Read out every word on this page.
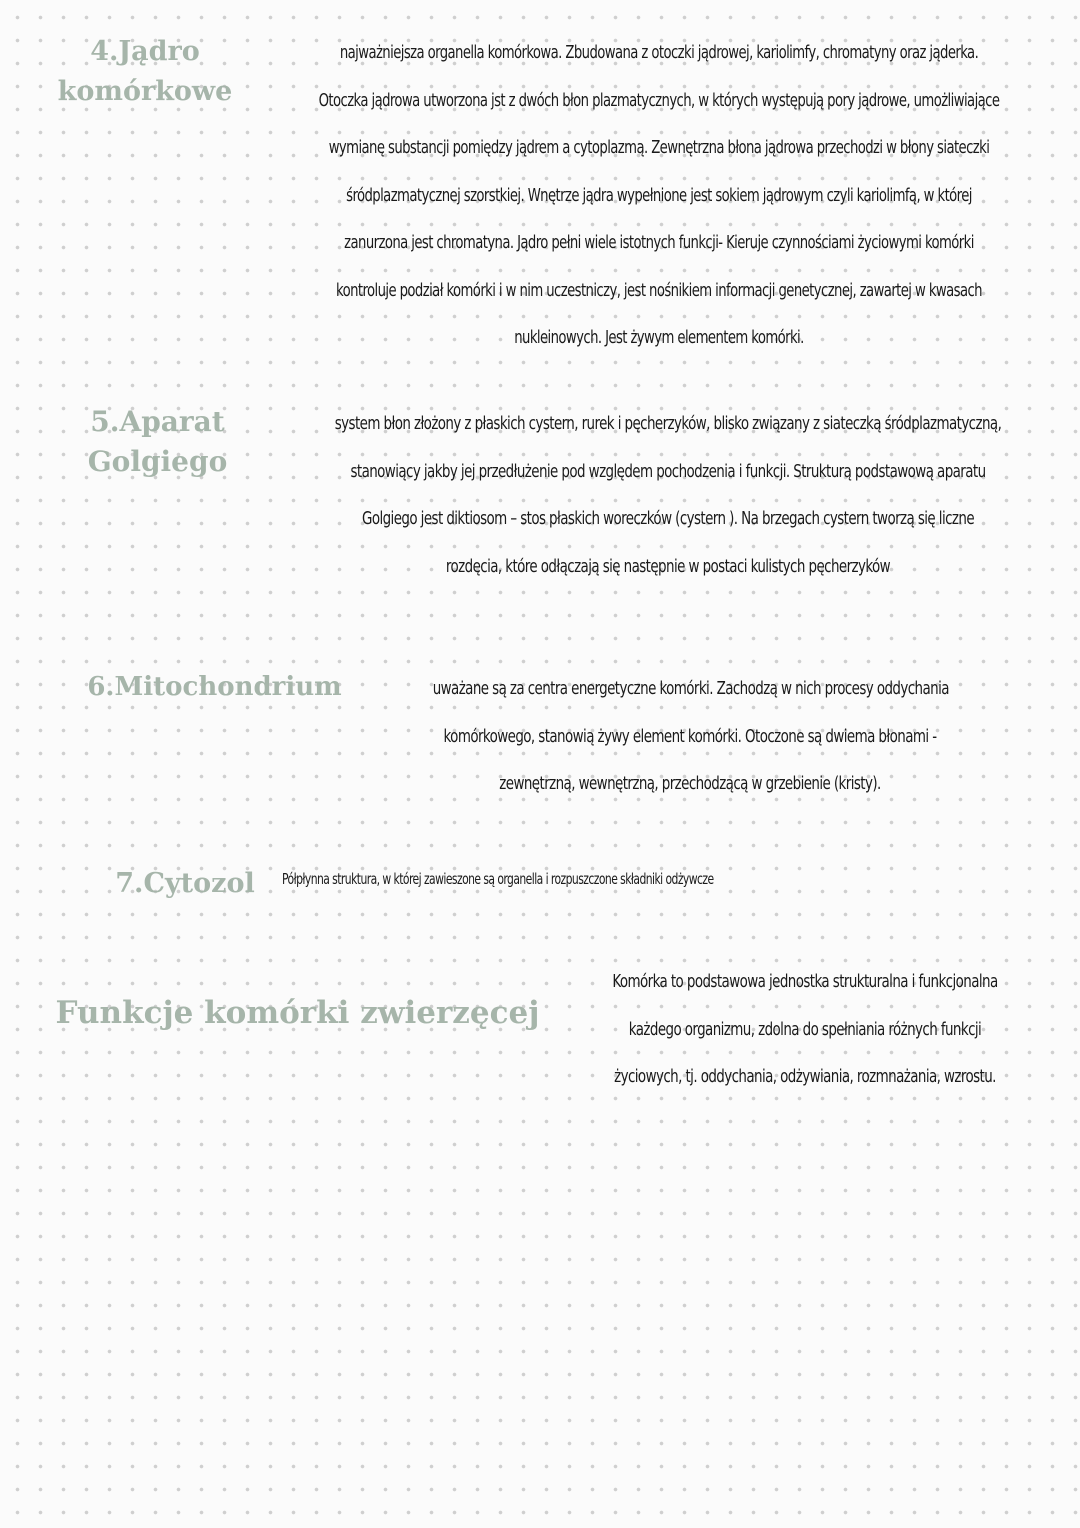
4.Jądro
komórkowe
najważniejsza organella komórkowa. Zbudowana z otoczki jądrowej, kariolimfy, chromatyny oraz jąderka.
Otoczka jądrowa utworzona jst z dwóch błon plazmatycznych, w których występują pory jądrowe, umożliwiające
wymianę substancji pomiędzy jądrem a cytoplazmą. Zewnętrzna błona jądrowa przechodzi w błony siateczki
śródplazmatycznej szorstkiej. Wnętrze jądra wypełnione jest sokiem jądrowym czyli kariolimfą, w której
zanurzona jest chromatyna. Jądro pełni wiele istotnych funkcji- Kieruje czynnościami życiowymi komórki
kontroluje podział komórki i w nim uczestniczy, jest nośnikiem informacji genetycznej, zawartej w kwasach
nukleinowych. Jest żywym elementem komórki.
5.Aparat
Golgiego
system błon złożony z płaskich cystern, rurek i pęcherzyków, blisko związany z siateczką śródplazmatyczną,
stanowiący jakby jej przedłużenie pod względem pochodzenia i funkcji. Strukturą podstawową aparatu
Golgiego jest diktiosom – stos płaskich woreczków (cystern ). Na brzegach cystern tworzą się liczne
rozdęcia, które odłączają się następnie w postaci kulistych pęcherzyków
6.Mitochondrium	uważane są za centra energetyczne komórki. Zachodzą w nich procesy oddychania
komórkowego, stanowią żywy element komórki. Otoczone są dwiema błonami -
zewnętrzną, wewnętrzną, przechodzącą w grzebienie (kristy).
7.Cytozol	Półpłynna struktura, w której zawieszone są organella i rozpuszczone składniki odżywcze
Funkcje komórki zwierzęcej
Komórka to podstawowa jednostka strukturalna i funkcjonalna
każdego organizmu, zdolna do spełniania różnych funkcji
życiowych, tj. oddychania, odżywiania, rozmnażania, wzrostu.
